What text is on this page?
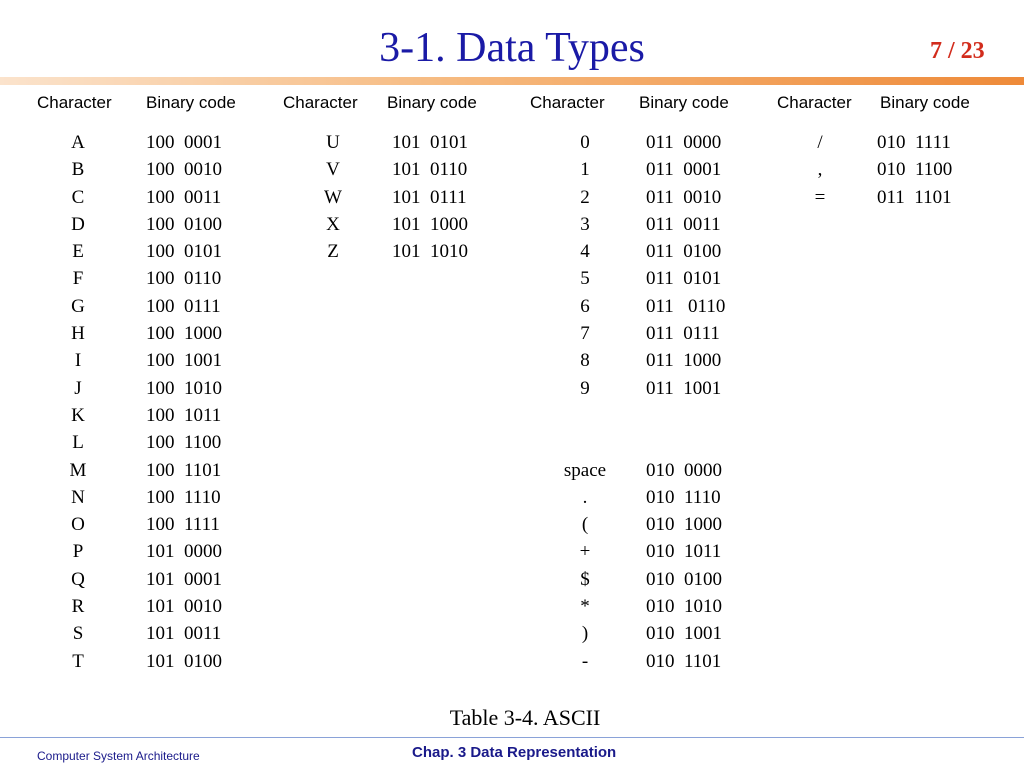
3-1. Data Types	7 / 23
Character Binary code	Character Binary code	Character Binary code	Character Binary code
A	100  0001
B	100  0010
C	100  0011
D	100  0100
E	100  0101
F	100  0110
G	100  0111
H	100  1000
I	100  1001
J	100  1010
K	100  1011
L	100  1100
M	100  1101
N	100  1110
O	100  1111
P	101  0000
Q	101  0001
R	101  0010
S	101  0011
T	101  0100
U	101  0101
V	101  0110
W	101  0111
X	101  1000
Z	101  1010
0	011  0000
1	011  0001
2	011  0010
3	011  0011
4	011  0100
5	011  0101
6	011   0110
7	011  0111
8	011  1000
9	011  1001
space	010  0000
.	010  1110
(	010  1000
+	010  1011
$	010  0100
*	010  1010
)	010  1001
-	010  1101
/	010  1111
,	010  1100
=	011  1101
Table 3-4. ASCII
Computer System Architecture	Chap. 3 Data Representation
